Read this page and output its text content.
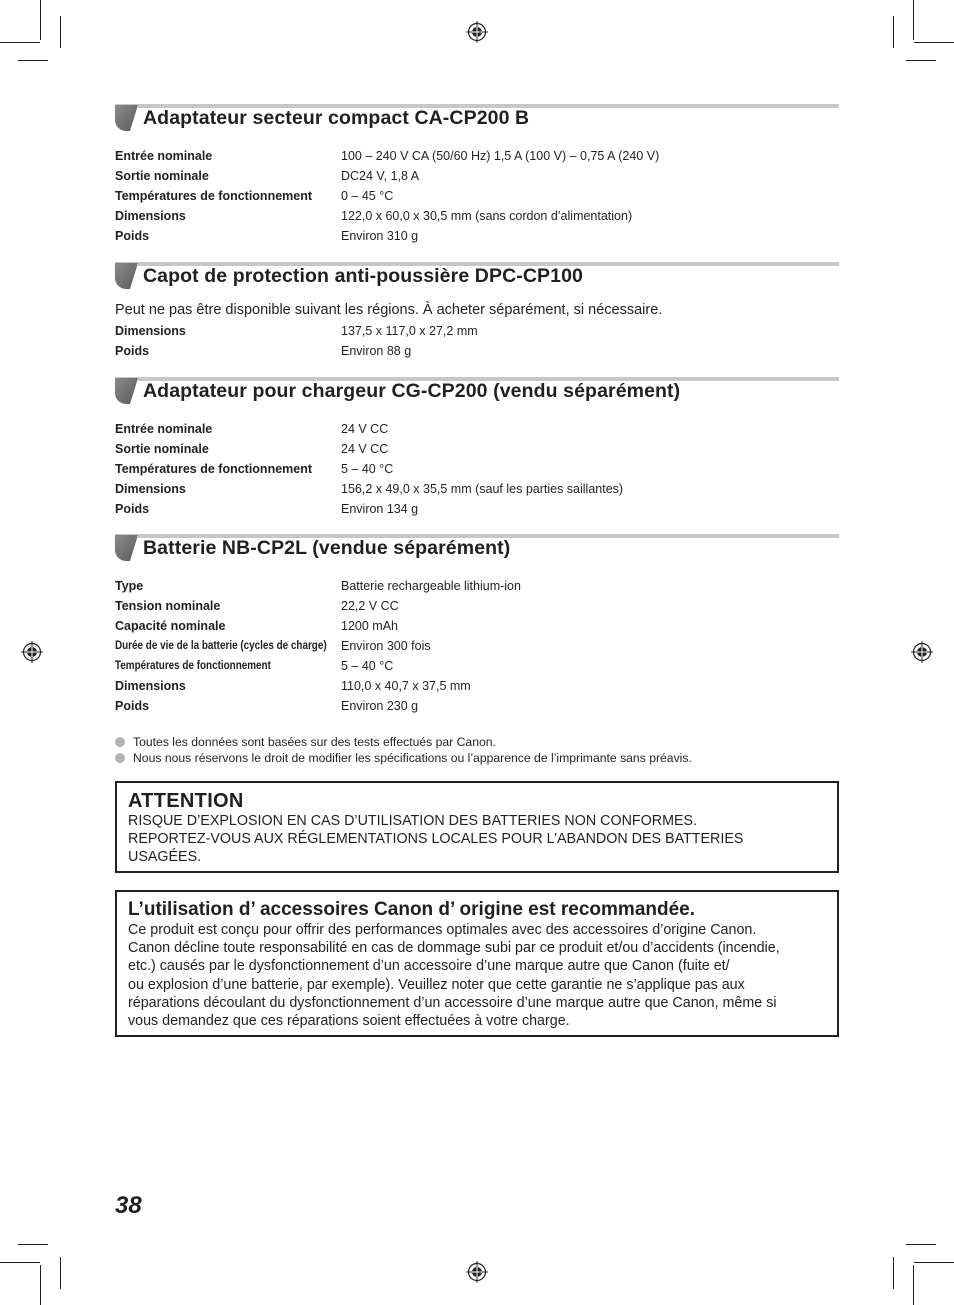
Adaptateur secteur compact CA-CP200 B
Entrée nominale	100 – 240 V CA (50/60 Hz) 1,5 A (100 V) – 0,75 A (240 V)
Sortie nominale	DC24 V, 1,8 A
Températures de fonctionnement 0 – 45 °C
Dimensions	122,0 x 60,0 x 30,5 mm (sans cordon d’alimentation)
Poids	Environ 310 g
Capot de protection anti-poussière DPC-CP100

Peut ne pas être disponible suivant les régions. À acheter séparément, si nécessaire.

Dimensions	137,5 x 117,0 x 27,2 mm
Poids	Environ 88 g
Adaptateur pour chargeur CG-CP200 (vendu séparément)
Entrée nominale	24 V CC
Sortie nominale	24 V CC
Températures de fonctionnement 5 – 40 °C
Dimensions	156,2 x 49,0 x 35,5 mm (sauf les parties saillantes)
Poids	Environ 134 g
Batterie NB-CP2L (vendue séparément)
Type	Batterie rechargeable lithium-ion
Tension nominale	22,2 V CC
Capacité nominale	1200 mAh
Durée de vie de la batterie (cycles de charge) Environ 300 fois
Températures de fonctionnement	5 – 40 °C
Dimensions	110,0 x 40,7 x 37,5 mm
Poids	Environ 230 g
Toutes les données sont basées sur des tests effectués par Canon.
Nous nous réservons le droit de modifier les spécifications ou l’apparence de l’imprimante sans préavis.
ATTENTION
RISQUE D’EXPLOSION EN CAS D’UTILISATION DES BATTERIES NON CONFORMES.
REPORTEZ-VOUS AUX RÉGLEMENTATIONS LOCALES POUR L’ABANDON DES BATTERIES
USAGÉES.
L’utilisation d’ accessoires Canon d’ origine est recommandée.
Ce produit est conçu pour offrir des performances optimales avec des accessoires d’origine Canon.
Canon décline toute responsabilité en cas de dommage subi par ce produit et/ou d’accidents (incendie,
etc.) causés par le dysfonctionnement d’un accessoire d’une marque autre que Canon (fuite et/
ou explosion d’une batterie, par exemple). Veuillez noter que cette garantie ne s’applique pas aux
réparations découlant du dysfonctionnement d’un accessoire d’une marque autre que Canon, même si
vous demandez que ces réparations soient effectuées à votre charge.

38
